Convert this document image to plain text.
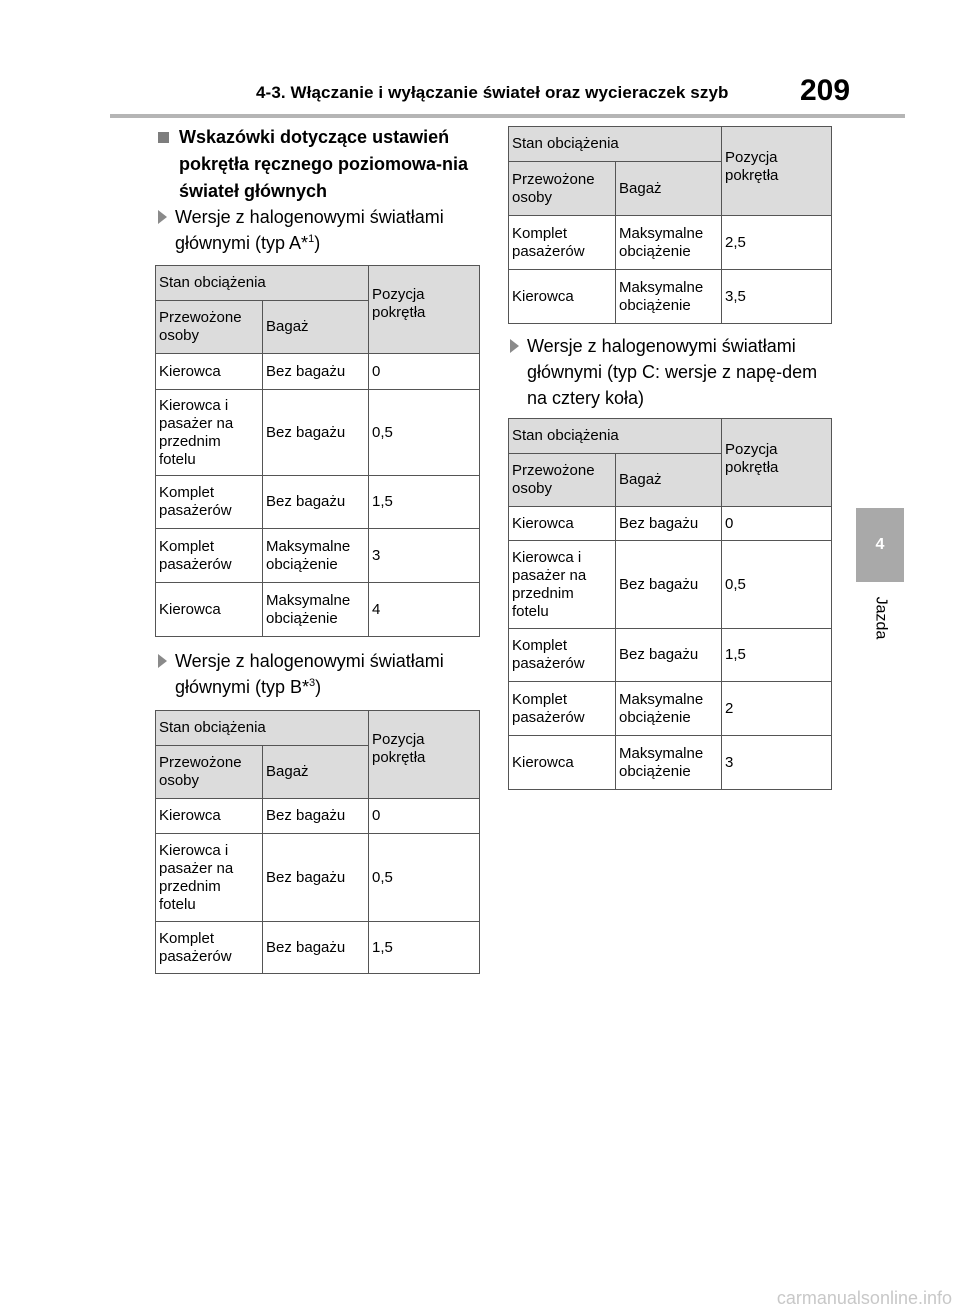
4-3. Włączanie i wyłączanie świateł oraz wycieraczek szyb 209
4
Jazda
Wskazówki dotyczące ustawień pokrętła ręcznego poziomowa-nia świateł głównych
Wersje z halogenowymi światłami głównymi (typ A*$^1$)
Stan obciążenia		Pozycja pokrętła
Przewożone osoby	Bagaż	
Kierowca	Bez bagażu	0
Kierowca i pasażer na przednim fotelu	Bez bagażu	0,5
Komplet pasażerów	Bez bagażu	1,5
Komplet pasażerów	Maksymalne obciążenie	3
Kierowca	Maksymalne obciążenie	4
Wersje z halogenowymi światłami głównymi (typ B*$^3$)
Stan obciążenia		Pozycja pokrętła
Przewożone osoby	Bagaż	
Kierowca	Bez bagażu	0
Kierowca i pasażer na przednim fotelu	Bez bagażu	0,5
Komplet pasażerów	Bez bagażu	1,5
Stan obciążenia		Pozycja pokrętła
Przewożone osoby	Bagaż	
Komplet pasażerów	Maksymalne obciążenie	2,5
Kierowca	Maksymalne obciążenie	3,5
Wersje z halogenowymi światłami głównymi (typ C: wersje z napę-dem na cztery koła)
Stan obciążenia		Pozycja pokrętła
Przewożone osoby	Bagaż	
Kierowca	Bez bagażu	0
Kierowca i pasażer na przednim fotelu	Bez bagażu	0,5
Komplet pasażerów	Bez bagażu	1,5
Komplet pasażerów	Maksymalne obciążenie	2
Kierowca	Maksymalne obciążenie	3
carmanualsonline.info
